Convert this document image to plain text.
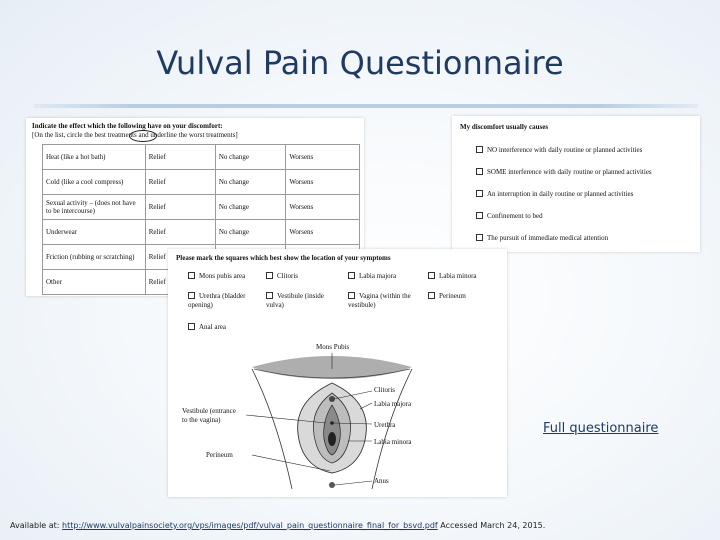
Vulval Pain Questionnaire
Indicate the effect which the following have on your discomfort:
[On the list, circle the best treatments and underline the worst treatments]
Heat (like a hot bath)	Relief	No change	Worsens
Cold (like a cool compress)	Relief	No change	Worsens
Sexual activity – (does not have to be intercourse)	Relief	No change	Worsens
Underwear	Relief	No change	Worsens
Friction (rubbing or scratching)	Relief		
Other	Relief		
My discomfort usually causes
NO interference with daily routine or planned activities
SOME interference with daily routine or planned activities
An interruption in daily routine or planned activities
Confinement to bed
The pursuit of immediate medical attention
Please mark the squares which best show the location of your symptoms
Mons pubis area	Clitoris	Labia majora	Labia minora
Urethra (bladder opening)
Vestibule (inside vulva)
Vagina (within the vestibule)
Perineum
Anal area
Mons Pubis
Clitoris
Labia majora
Urethra
Labia minora
Anus
Vestibule (entrance
to the vagina)
Perineum
Full questionnaire
Available at: http://www.vulvalpainsociety.org/vps/images/pdf/vulval_pain_questionnaire_final_for_bsvd.pdf Accessed March 24, 2015.
